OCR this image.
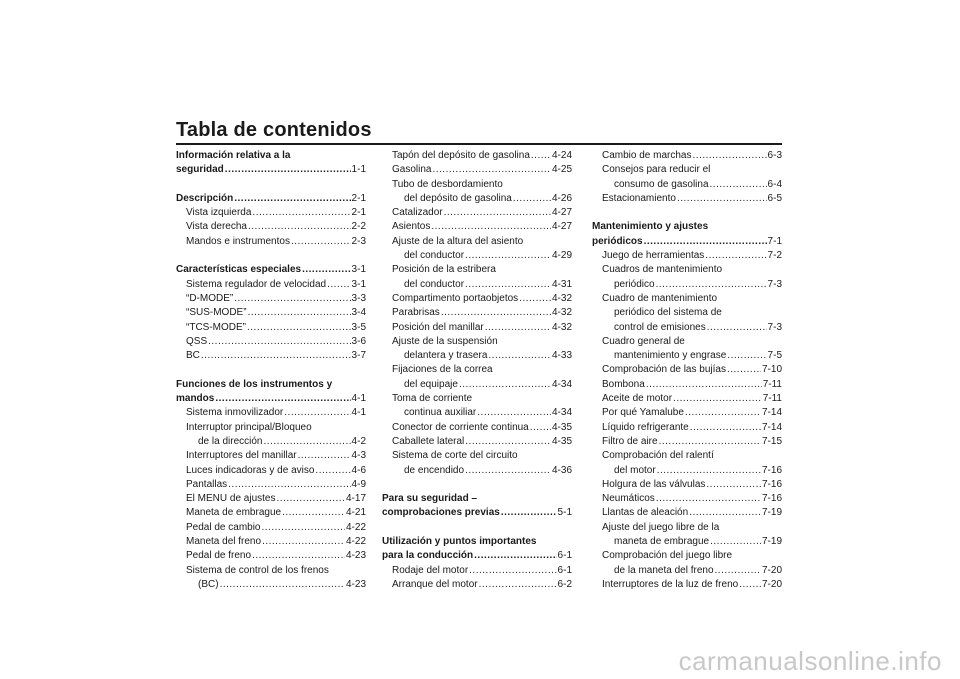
Tabla de contenidos
Información relativa a la
seguridad .....	1-1
Descripción .....	2-1
Vista izquierda .....	2-1
Vista derecha .....	2-2
Mandos e instrumentos .....	2-3
Características especiales .....	3-1
Sistema regulador de velocidad .....	3-1
“D-MODE” .....	3-3
“SUS-MODE” .....	3-4
“TCS-MODE” .....	3-5
QSS .....	3-6
BC .....	3-7
Funciones de los instrumentos y
mandos .....	4-1
Sistema inmovilizador .....	4-1
Interruptor principal/Bloqueo
de la dirección .....	4-2
Interruptores del manillar .....	4-3
Luces indicadoras y de aviso .....	4-6
Pantallas .....	4-9
El MENU de ajustes .....	4-17
Maneta de embrague .....	4-21
Pedal de cambio .....	4-22
Maneta del freno .....	4-22
Pedal de freno .....	4-23
Sistema de control de los frenos
(BC) .....	4-23
Tapón del depósito de gasolina ..... 4-24
Gasolina .....	4-25
Tubo de desbordamiento
del depósito de gasolina .....	4-26
Catalizador .....	4-27
Asientos .....	4-27
Ajuste de la altura del asiento
del conductor .....	4-29
Posición de la estribera
del conductor .....	4-31
Compartimento portaobjetos .....	4-32
Parabrisas .....	4-32
Posición del manillar .....	4-32
Ajuste de la suspensión
delantera y trasera .....	4-33
Fijaciones de la correa
del equipaje .....	4-34
Toma de corriente
continua auxiliar .....	4-34
Conector de corriente continua ..... 4-35
Caballete lateral .....	4-35
Sistema de corte del circuito
de encendido .....	4-36
Para su seguridad –
comprobaciones previas .....	5-1
Utilización y puntos importantes
para la conducción .....	6-1
Rodaje del motor .....	6-1
Arranque del motor .....	6-2
Cambio de marchas .....	6-3
Consejos para reducir el
consumo de gasolina .....	6-4
Estacionamiento .....	6-5
Mantenimiento y ajustes
periódicos .....	7-1
Juego de herramientas .....	7-2
Cuadros de mantenimiento
periódico .....	7-3
Cuadro de mantenimiento
periódico del sistema de
control de emisiones .....	7-3
Cuadro general de
mantenimiento y engrase .....	7-5
Comprobación de las bujías .....	7-10
Bombona .....	7-11
Aceite de motor .....	7-11
Por qué Yamalube .....	7-14
Líquido refrigerante .....	7-14
Filtro de aire .....	7-15
Comprobación del ralentí
del motor .....	7-16
Holgura de las válvulas .....	7-16
Neumáticos .....	7-16
Llantas de aleación .....	7-19
Ajuste del juego libre de la
maneta de embrague .....	7-19
Comprobación del juego libre
de la maneta del freno .....	7-20
Interruptores de la luz de freno ..... 7-20
carmanualsonline.info
